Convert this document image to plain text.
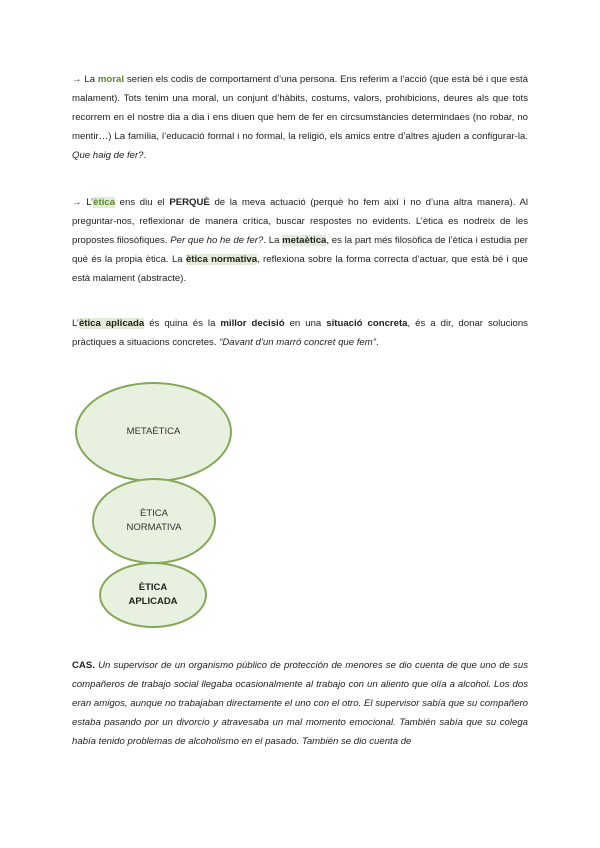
→ La moral serien els codis de comportament d’una persona. Ens referim a l’acció (que està bé i que està malament). Tots tenim una moral, un conjunt d’hàbits, costums, valors, prohibicions, deures als que tots recorrem en el nostre dia a dia i ens diuen que hem de fer en circsumstàncies determindaes (no robar, no mentir…) La família, l’educació formal i no formal, la religió, els amics entre d’altres ajuden a configurar-la. Que haig de fer?.

→ L’ètica ens diu el PERQUÈ de la meva actuació (perquè ho fem així i no d’una altra manera). Al preguntar-nos, reflexionar de manera crítica, buscar respostes no evidents. L’ètica es nodreix de les propostes filosòfiques. Per que ho he de fer?. La metaètica, es la part més filosòfica de l’ètica i estudia per què és la propia ètica. La ètica normativa, reflexiona sobre la forma correcta d’actuar, que està bé i que està malament (abstracte).

L’ètica aplicada és quina és la millor decisió en una situació concreta, és a dir, donar solucions pràctiques a situacions concretes. “Davant d’un marró concret que fem”.

METAÈTICA
ÈTICA
NORMATIVA
ÈTICA
APLICADA

CAS. Un supervisor de un organismo público de protección de menores se dio cuenta de que uno de sus compañeros de trabajo social llegaba ocasionalmente al trabajo con un aliento que olía a alcohol. Los dos eran amigos, aunque no trabajaban directamente el uno con el otro. El supervisor sabía que su compañero estaba pasando por un divorcio y atravesaba un mal momento emocional. También sabía que su colega había tenido problemas de alcoholismo en el pasado. También se dio cuenta de
